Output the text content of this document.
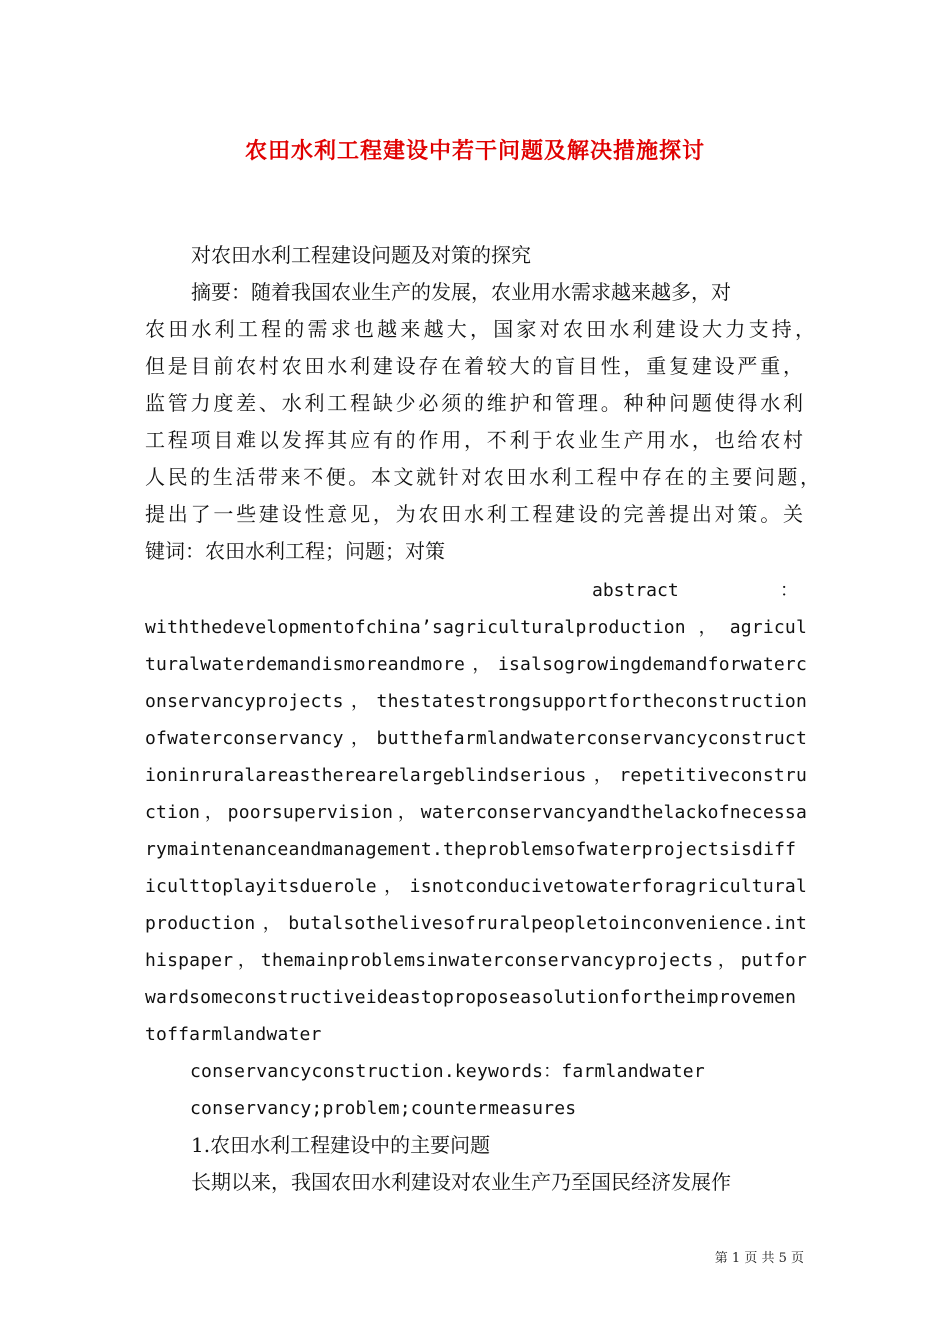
农田水利工程建设中若干问题及解决措施探讨

对农田水利工程建设问题及对策的探究

摘要：随着我国农业生产的发展，农业用水需求越来越多，对

农田水利工程的需求也越来越大，国家对农田水利建设大力支持，

但是目前农村农田水利建设存在着较大的盲目性，重复建设严重，

监管力度差、水利工程缺少必须的维护和管理。种种问题使得水利

工程项目难以发挥其应有的作用，不利于农业生产用水，也给农村

人民的生活带来不便。本文就针对农田水利工程中存在的主要问题，

提出了一些建设性意见，为农田水利工程建设的完善提出对策。关

键词：农田水利工程；问题；对策

abstract	：

withthedevelopmentofchina’sagriculturalproduction，agricul

turalwaterdemandismoreandmore，isalsogrowingdemandforwaterc

onservancyprojects，thestatestrongsupportfortheconstruction

ofwaterconservancy，butthefarmlandwaterconservancyconstruct

ioninruralareastherearelargeblindserious，repetitiveconstru

ction，poorsupervision，waterconservancyandthelackofnecessa

rymaintenanceandmanagement.theproblemsofwaterprojectsisdiff

iculttoplayitsduerole，isnotconducivetowaterforagricultural

production，butalsothelivesofruralpeopletoinconvenience.int

hispaper，themainproblemsinwaterconservancyprojects，putfor

wardsomeconstructiveideastoproposeasolutionfortheimprovemen

toffarmlandwater

conservancyconstruction.keywords：farmlandwater

conservancy;problem;countermeasures

1.农田水利工程建设中的主要问题

长期以来，我国农田水利建设对农业生产乃至国民经济发展作

第 1 页 共 5 页
